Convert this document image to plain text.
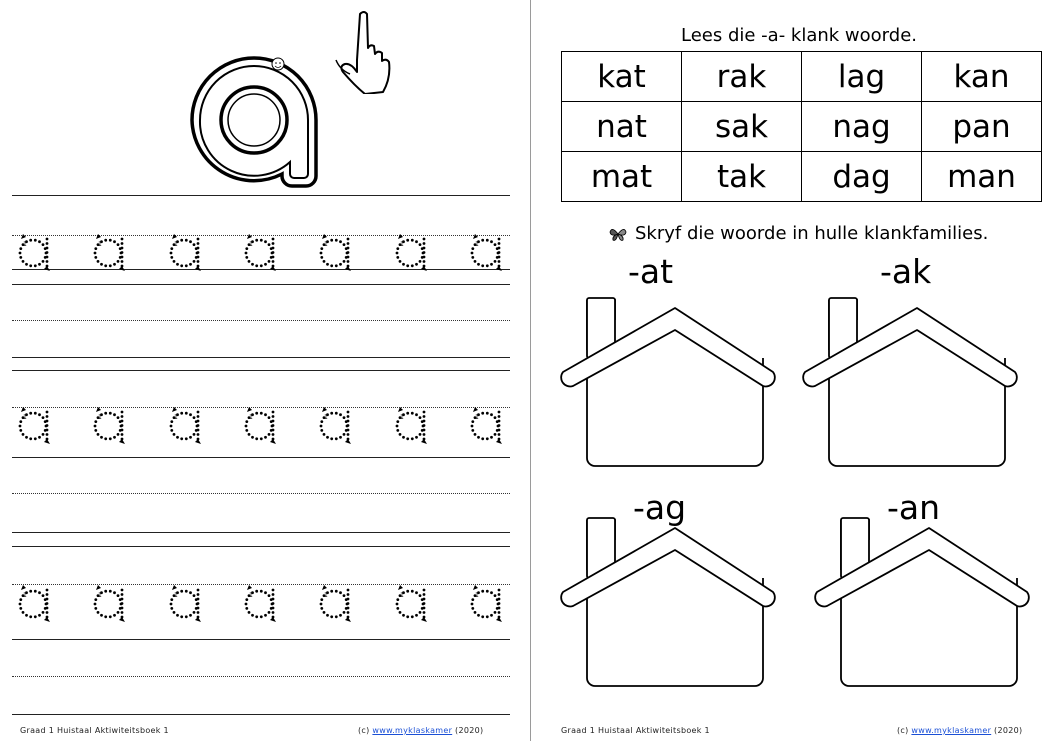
1	1	1	1	1	1	1
1	1	1	1	1	1	1
1	1	1	1	1	1	1
Graad 1 Huistaal Aktiwiteitsboek 1	(c) www.myklaskamer (2020)
Lees die -a- klank woorde.
kat	rak	lag	kan
nat	sak	nag	pan
mat	tak	dag	man
Skryf die woorde in hulle klankfamilies.
-at	-ak
-ag	-an
Graad 1 Huistaal Aktiwiteitsboek 1	(c) www.myklaskamer (2020)
